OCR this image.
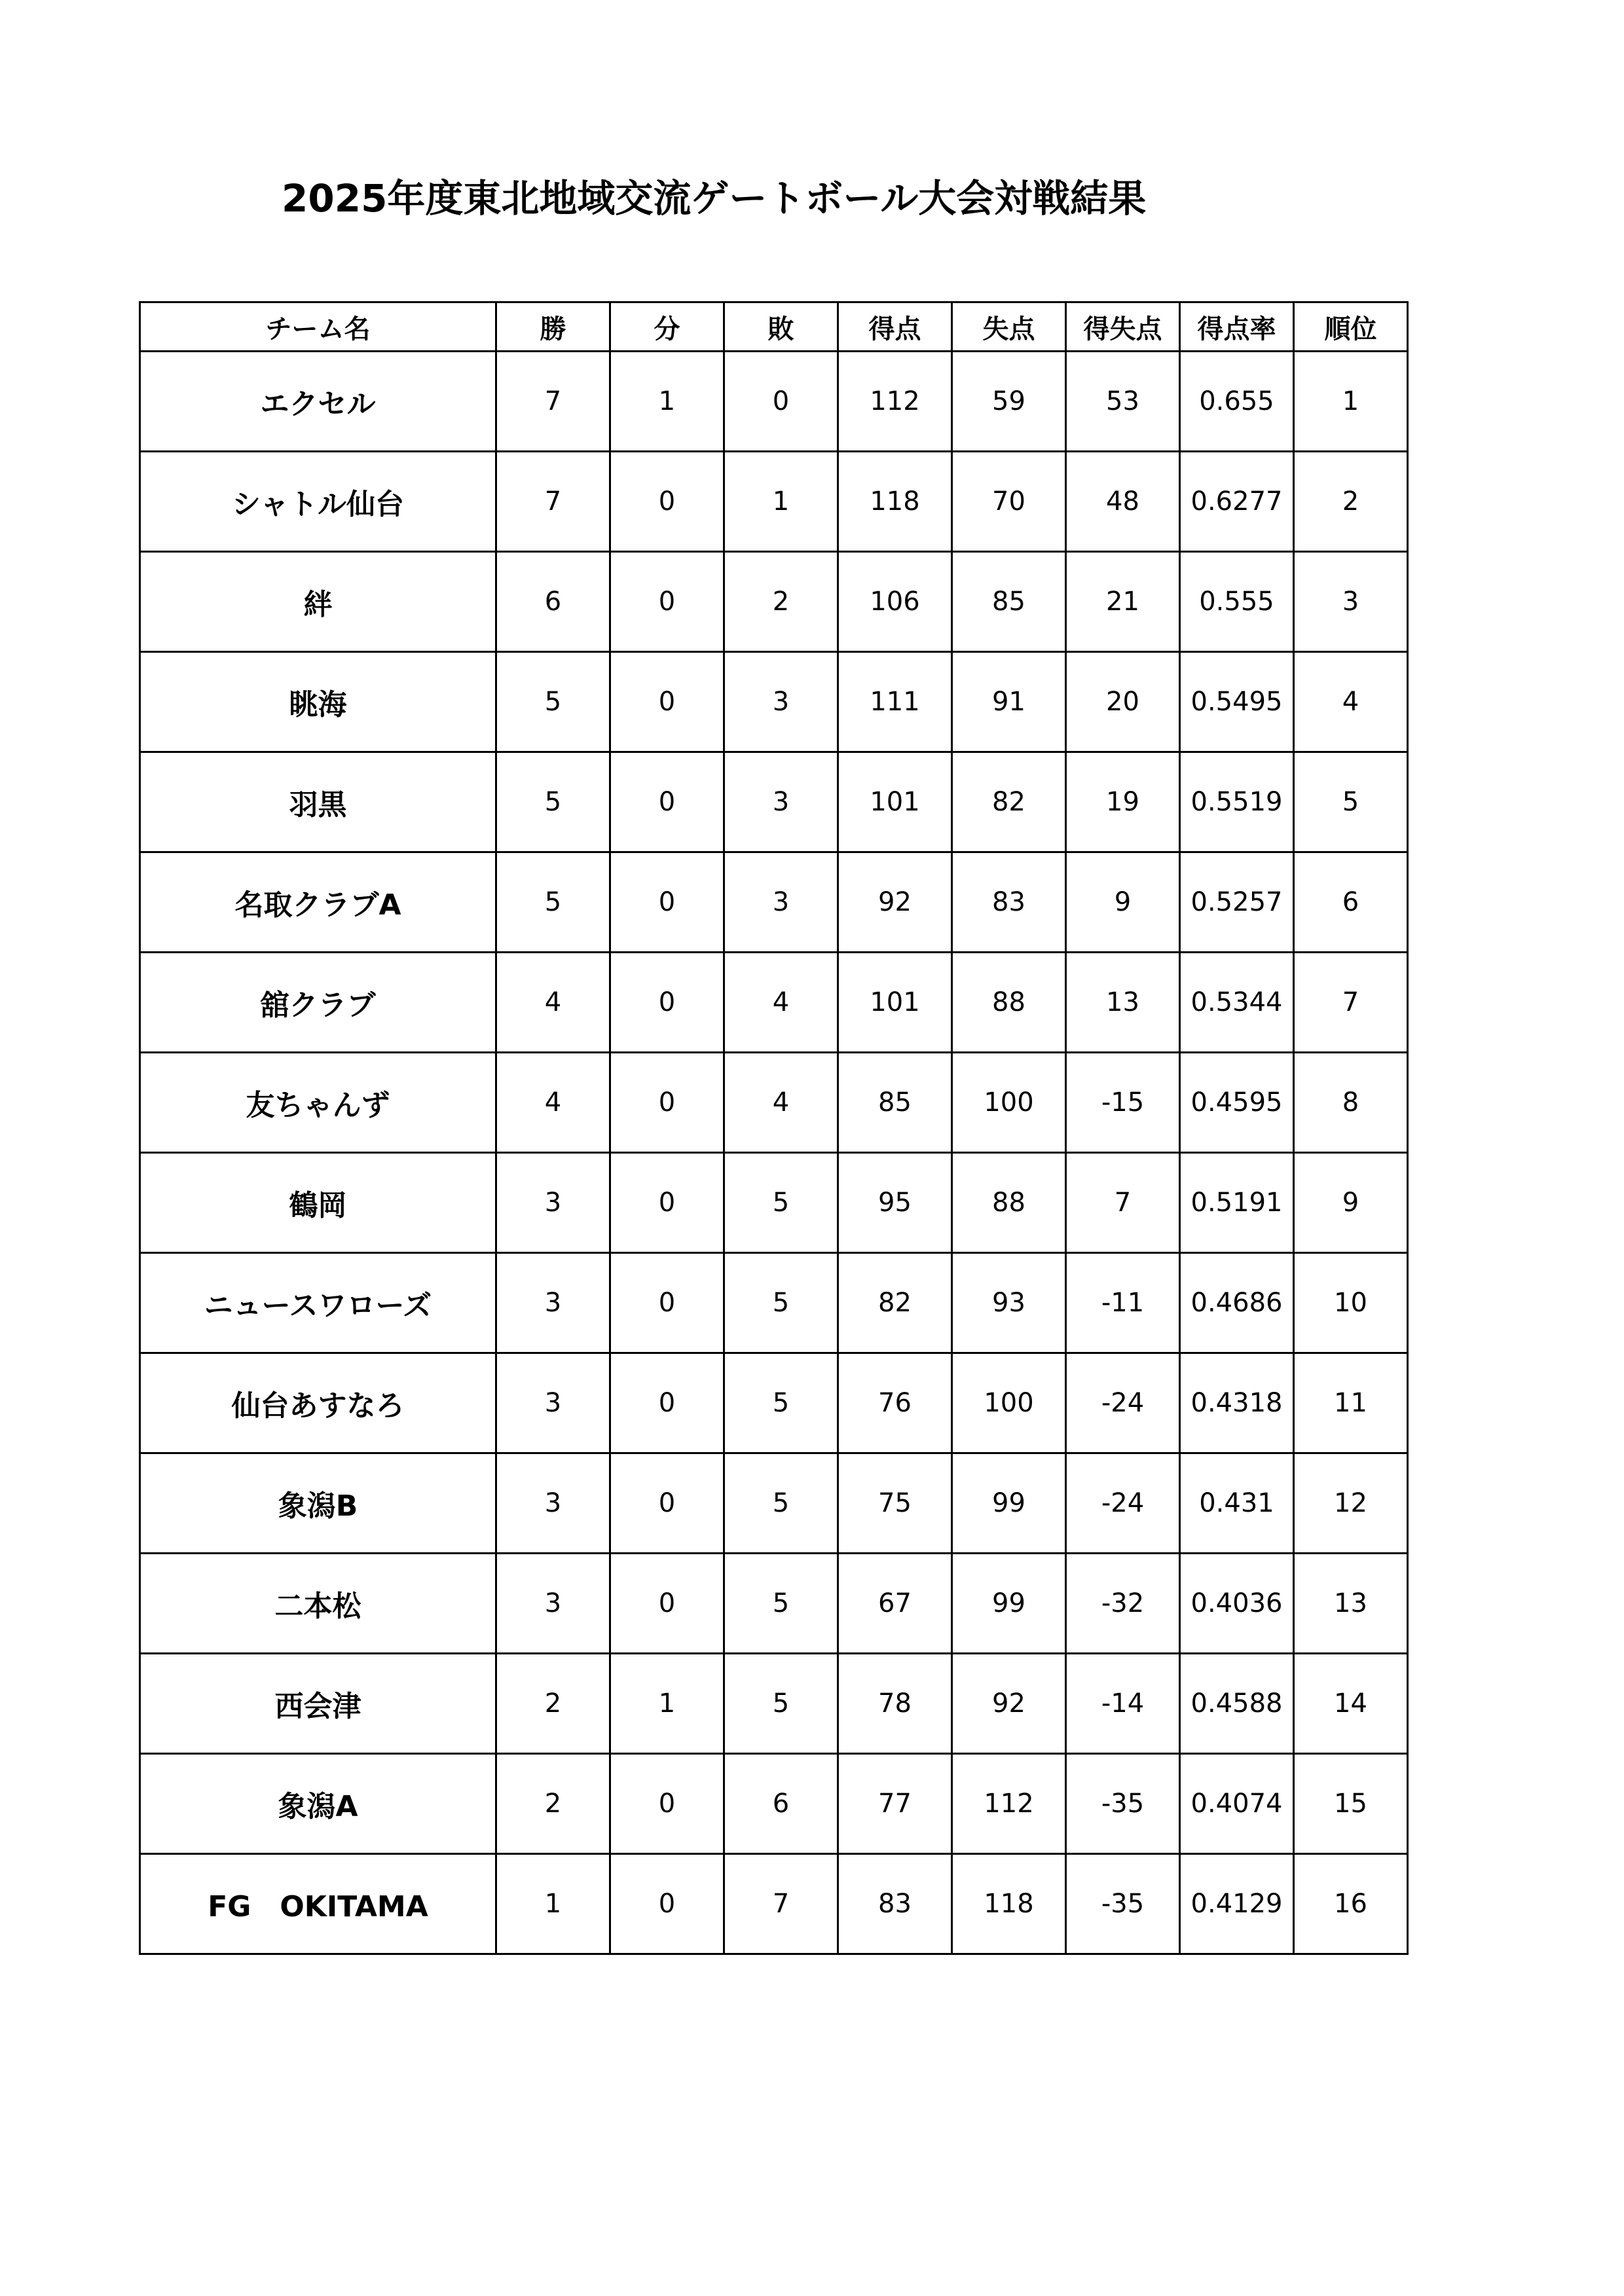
2025年度東北地域交流ゲートボール大会対戦結果
チーム名	勝	分	敗	得点	失点	得失点	得点率	順位
エクセル	7	1	0	112	59	53	0.655	1
シャトル仙台	7	0	1	118	70	48	0.6277	2
絆	6	0	2	106	85	21	0.555	3
眺海	5	0	3	111	91	20	0.5495	4
羽黒	5	0	3	101	82	19	0.5519	5
名取クラブA	5	0	3	92	83	9	0.5257	6
舘クラブ	4	0	4	101	88	13	0.5344	7
友ちゃんず	4	0	4	85	100	-15	0.4595	8
鶴岡	3	0	5	95	88	7	0.5191	9
ニュースワローズ	3	0	5	82	93	-11	0.4686	10
仙台あすなろ	3	0	5	76	100	-24	0.4318	11
象潟B	3	0	5	75	99	-24	0.431	12
二本松	3	0	5	67	99	-32	0.4036	13
西会津	2	1	5	78	92	-14	0.4588	14
象潟A	2	0	6	77	112	-35	0.4074	15
FG　OKITAMA	1	0	7	83	118	-35	0.4129	16
